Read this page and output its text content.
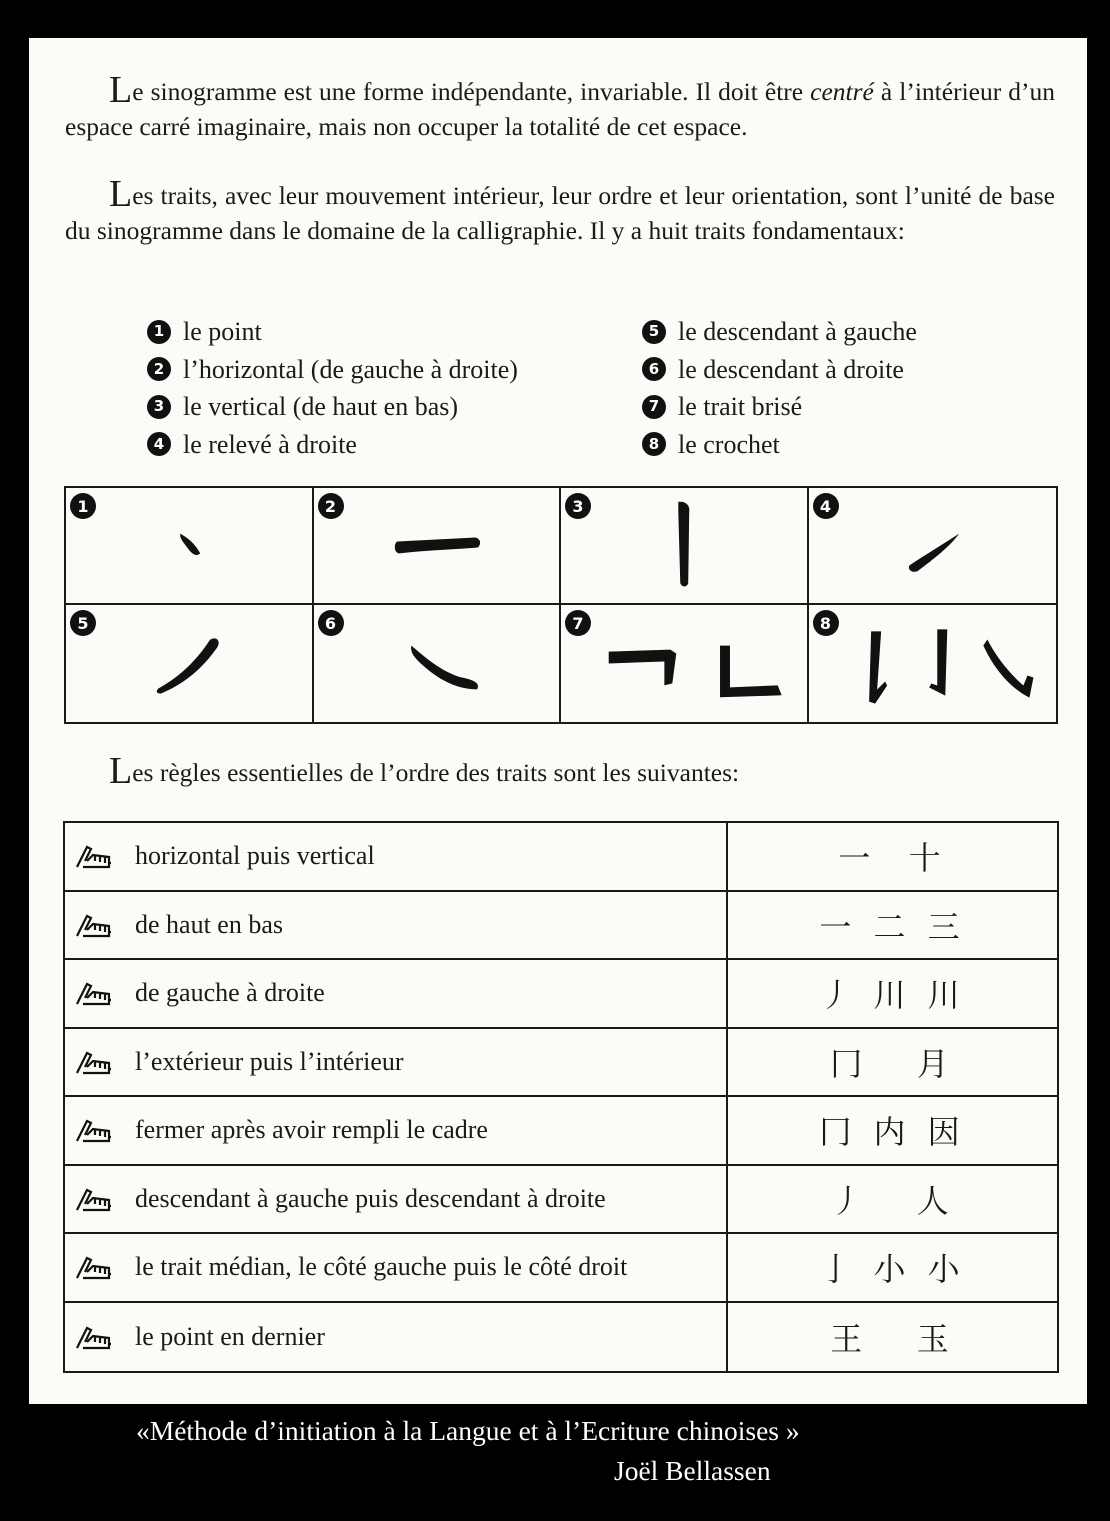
Le sinogramme est une forme indépendante, invariable. Il doit être centré à l’intérieur d’un espace carré imaginaire, mais non occuper la totalité de cet espace.

Les traits, avec leur mouvement intérieur, leur ordre et leur orientation, sont l’unité de base du sinogramme dans le domaine de la calligraphie. Il y a huit traits fondamentaux:

1 le point
2 l’horizontal (de gauche à droite)
3 le vertical (de haut en bas)
4 le relevé à droite
5 le descendant à gauche
6 le descendant à droite
7 le trait brisé
8 le crochet
1	2	3	4
5	6	7	8
Les règles essentielles de l’ordre des traits sont les suivantes:
horizontal puis vertical	一  十
de haut en bas	一 二 三
de gauche à droite	丿 川 川
l’extérieur puis l’intérieur	冂   月
fermer après avoir rempli le cadre	冂 内 因
descendant à gauche puis descendant à droite	丿   人
le trait médian, le côté gauche puis le côté droit	亅 小 小
le point en dernier	王   玉
«Méthode d’initiation à la Langue et à l’Ecriture chinoises »
Joël Bellassen
